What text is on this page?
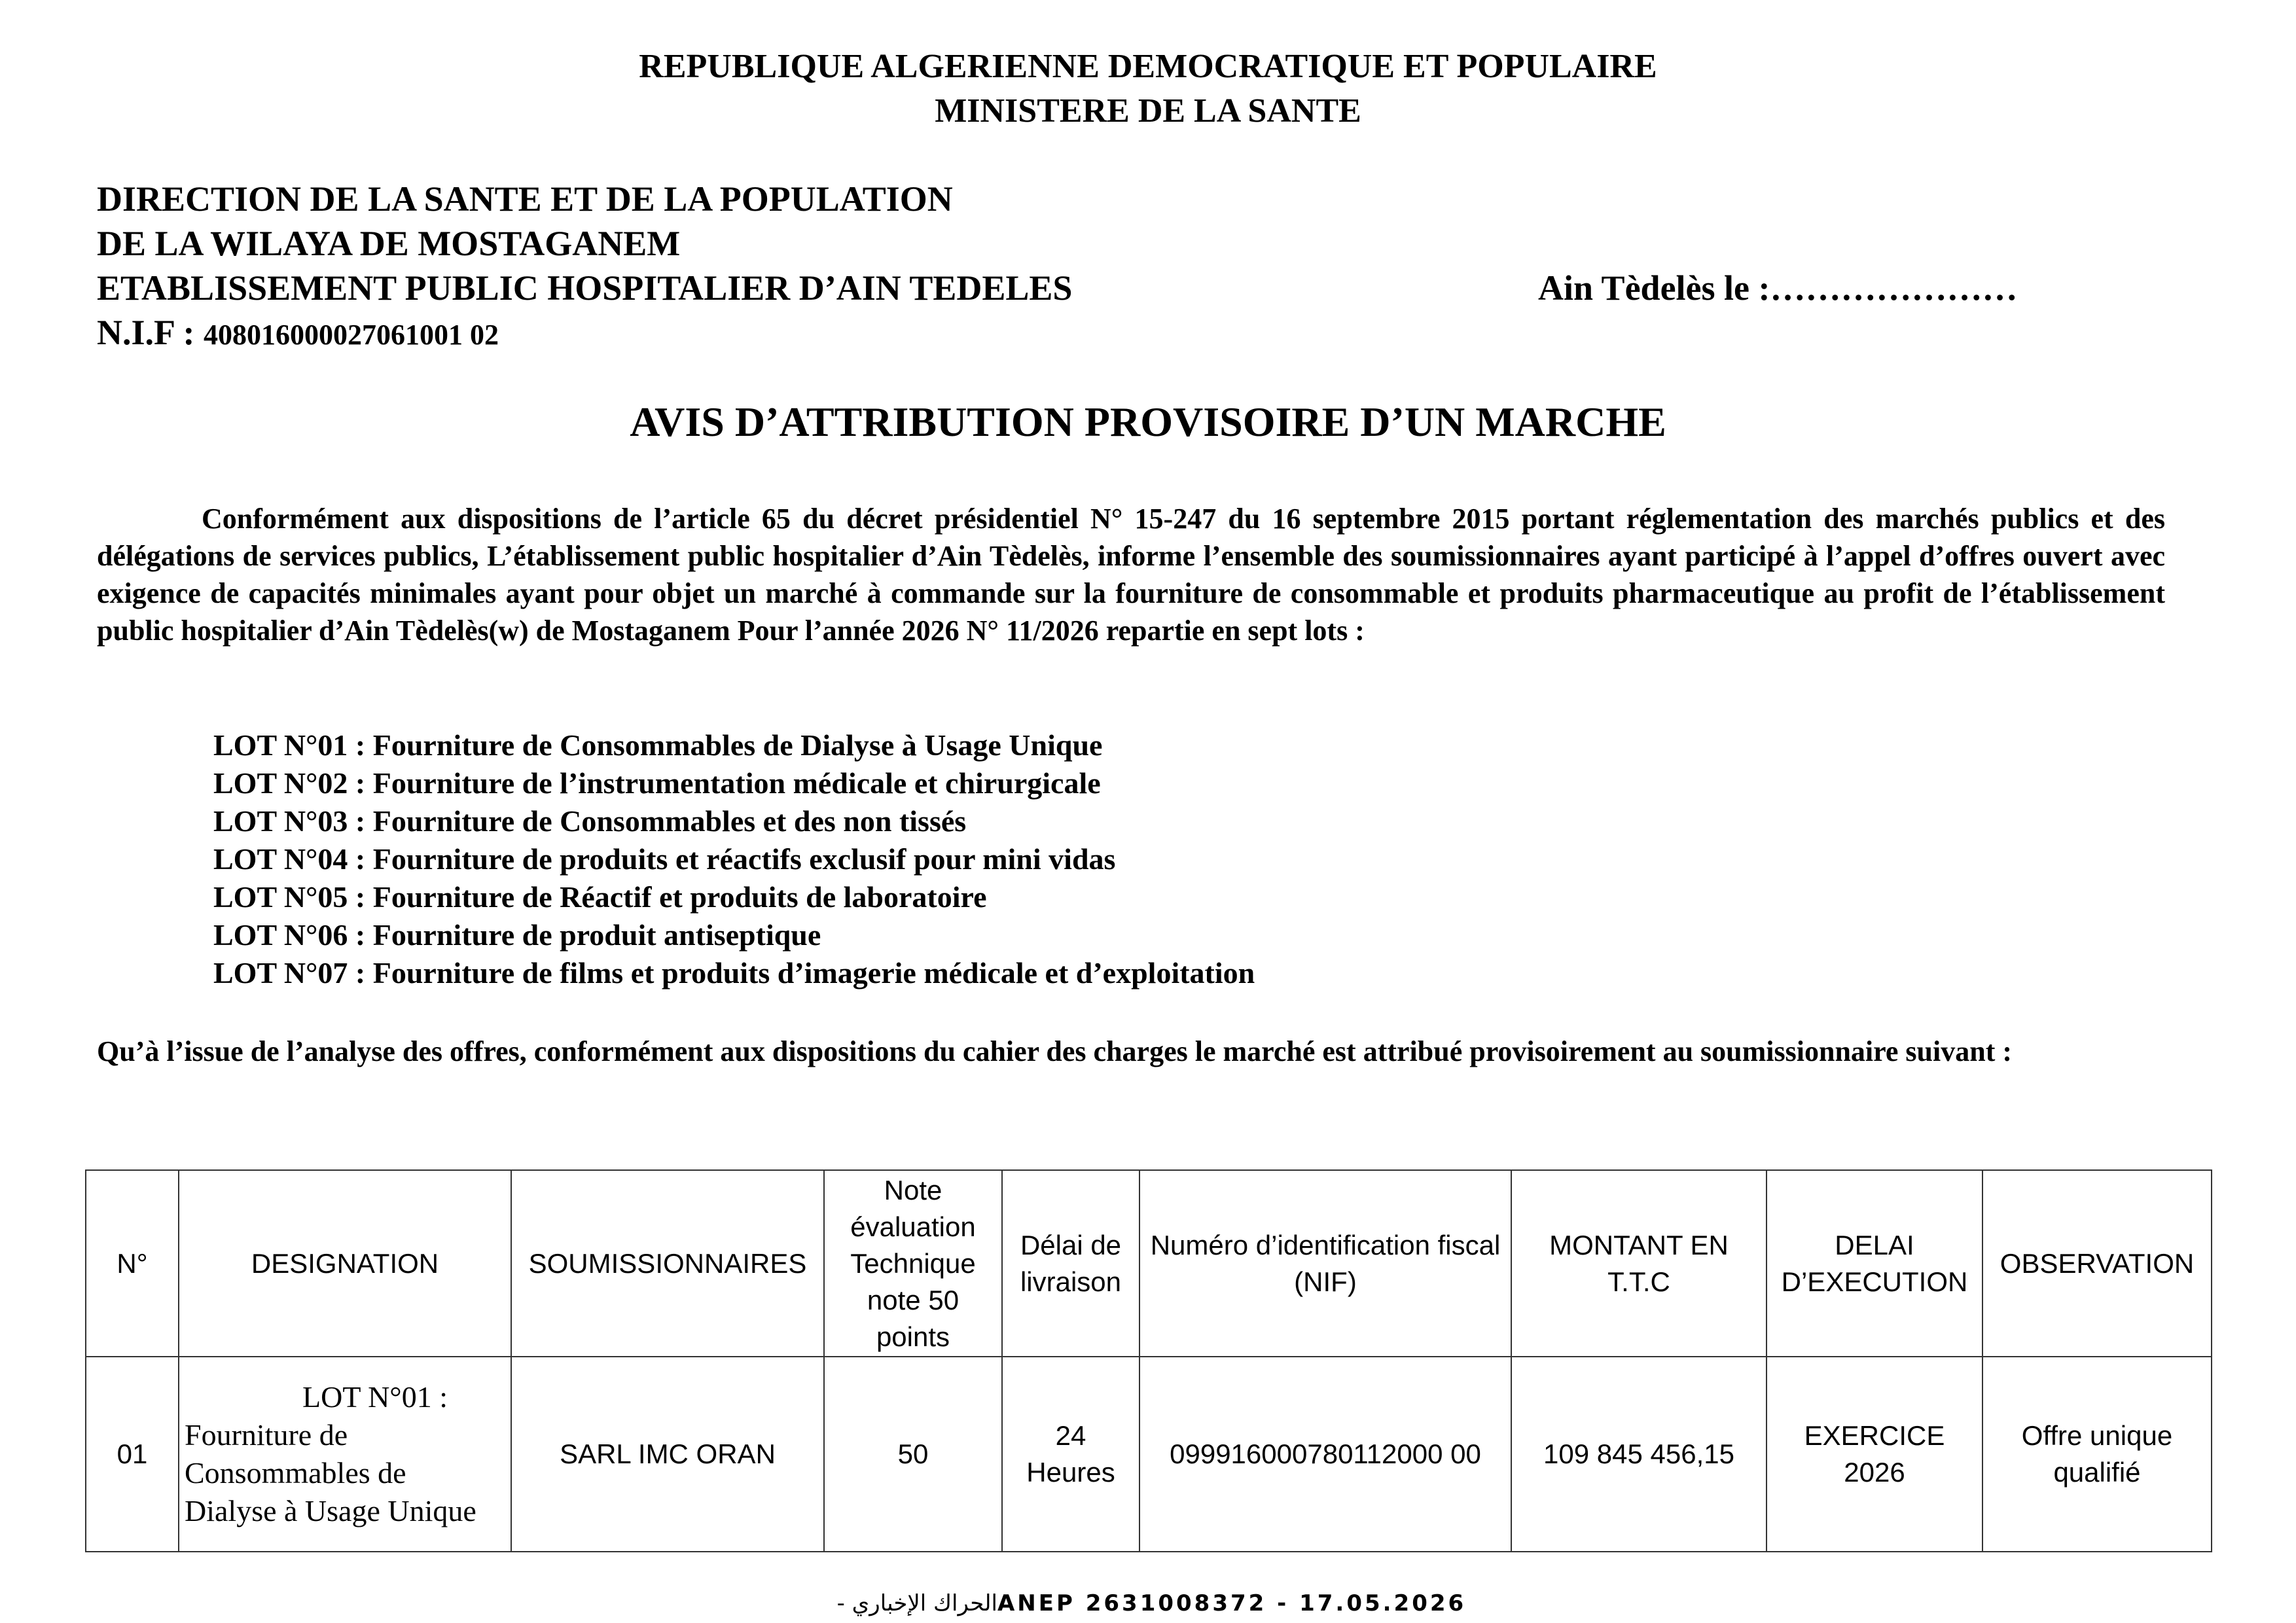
REPUBLIQUE ALGERIENNE DEMOCRATIQUE ET POPULAIRE
MINISTERE DE LA SANTE
DIRECTION DE LA SANTE ET DE LA POPULATION
DE LA WILAYA DE MOSTAGANEM
ETABLISSEMENT PUBLIC HOSPITALIER D’AIN TEDELES	Ain Tèdelès le :…………………
N.I.F : 408016000027061001 02
AVIS D’ATTRIBUTION PROVISOIRE D’UN MARCHE
Conformément aux dispositions de l’article 65 du décret présidentiel N° 15-247 du 16 septembre 2015 portant réglementation des marchés publics et des délégations de services publics, L’établissement public hospitalier d’Ain Tèdelès, informe l’ensemble des soumissionnaires ayant participé à l’appel d’offres ouvert avec exigence de capacités minimales ayant pour objet un marché à commande sur la fourniture de consommable et produits pharmaceutique au profit de l’établissement public hospitalier d’Ain Tèdelès(w) de Mostaganem Pour l’année 2026 N° 11/2026 repartie en sept lots :
LOT N°01 : Fourniture de Consommables de Dialyse à Usage Unique
LOT N°02 : Fourniture de l’instrumentation médicale et chirurgicale
LOT N°03 : Fourniture de Consommables et des non tissés
LOT N°04 : Fourniture de produits et réactifs exclusif pour mini vidas
LOT N°05 : Fourniture de Réactif et produits de laboratoire
LOT N°06 : Fourniture de produit antiseptique
LOT N°07 : Fourniture de films et produits d’imagerie médicale et d’exploitation
Qu’à l’issue de l’analyse des offres, conformément aux dispositions du cahier des charges le marché est attribué provisoirement au soumissionnaire suivant :
N°	DESIGNATION	SOUMISSIONNAIRES	Note évaluation Technique note 50 points	Délai de livraison	Numéro d’identification fiscal (NIF)	MONTANT EN T.T.C	DELAI D’EXECUTION	OBSERVATION
01	LOT N°01 :
Fourniture de Consommables de Dialyse à Usage Unique	SARL IMC ORAN	50	24 Heures	099916000780112000 00	109 845 456,15	EXERCICE 2026	Offre unique qualifié
الحراك الإخباري - ANEP 2631008372 - 17.05.2026
